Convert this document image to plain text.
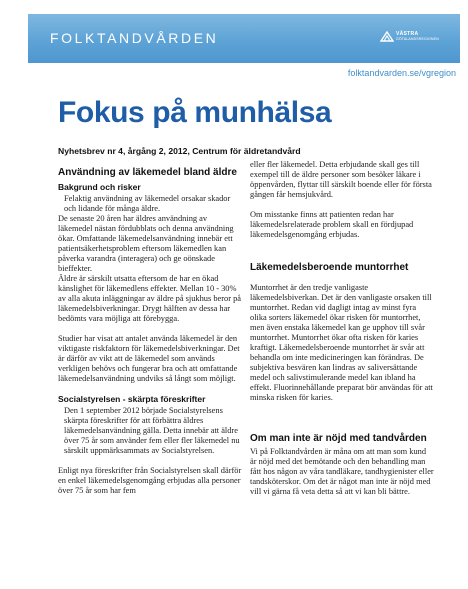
FOLKTANDVÅRDEN	VÄSTRA
GÖTALANDSREGIONEN
folktandvarden.se/vgregion
Fokus på munhälsa
Nyhetsbrev nr 4, årgång 2, 2012, Centrum för äldretandvård
Användning av läkemedel bland äldre
Bakgrund och risker
Felaktig användning av läkemedel orsakar skador och lidande för många äldre.
De senaste 20 åren har äldres användning av läkemedel nästan fördubblats och denna användning ökar. Omfattande läkemedelsanvändning innebär ett patientsäkerhetsproblem eftersom läkemedlen kan påverka varandra (interagera) och ge oönskade bieffekter.
Äldre är särskilt utsatta eftersom de har en ökad känslighet för läkemedlens effekter. Mellan 10 - 30% av alla akuta inläggningar av äldre på sjukhus beror på läkemedelsbiverkningar. Drygt hälften av dessa har bedömts vara möjliga att förebygga.
Studier har visat att antalet använda läkemedel är den viktigaste riskfaktorn för läkemedelsbiverkningar. Det är därför av vikt att de läkemedel som används verkligen behövs och fungerar bra och att omfattande läkemedelsanvändning undviks så långt som möjligt.
Socialstyrelsen - skärpta föreskrifter
Den 1 september 2012 började Socialstyrelsens skärpta föreskrifter för att förbättra äldres läkemedelsanvändning gälla. Detta innebär att äldre över 75 år som använder fem eller fler läkemedel nu särskilt uppmärksammats av Socialstyrelsen.
Enligt nya föreskrifter från Socialstyrelsen skall därför en enkel läkemedelsgenomgång erbjudas alla personer över 75 år som har fem
eller fler läkemedel. Detta erbjudande skall ges till exempel till de äldre personer som besöker läkare i öppenvården, flyttar till särskilt boende eller för första gången får hemsjukvård.
Om misstanke finns att patienten redan har läkemedelsrelaterade problem skall en fördjupad läkemedelsgenomgång erbjudas.
Läkemedelsberoende muntorrhet
Muntorrhet är den tredje vanligaste läkemedelsbiverkan. Det är den vanligaste orsaken till muntorrhet. Redan vid dagligt intag av minst fyra olika sorters läkemedel ökar risken för muntorrhet, men även enstaka läkemedel kan ge upphov till svår muntorrhet. Muntorrhet ökar ofta risken för karies kraftigt. Läkemedelsberoende muntorrhet är svår att behandla om inte medicineringen kan förändras. De subjektiva besvären kan lindras av saliversättande medel och salivstimulerande medel kan ibland ha effekt. Fluorinnehållande preparat bör användas för att minska risken för karies.
Om man inte är nöjd med tandvården
Vi på Folktandvården är måna om att man som kund är nöjd med det bemötande och den behandling man fått hos någon av våra tandläkare, tandhygienister eller tandsköterskor. Om det är något man inte är nöjd med vill vi gärna få veta detta så att vi kan bli bättre.
